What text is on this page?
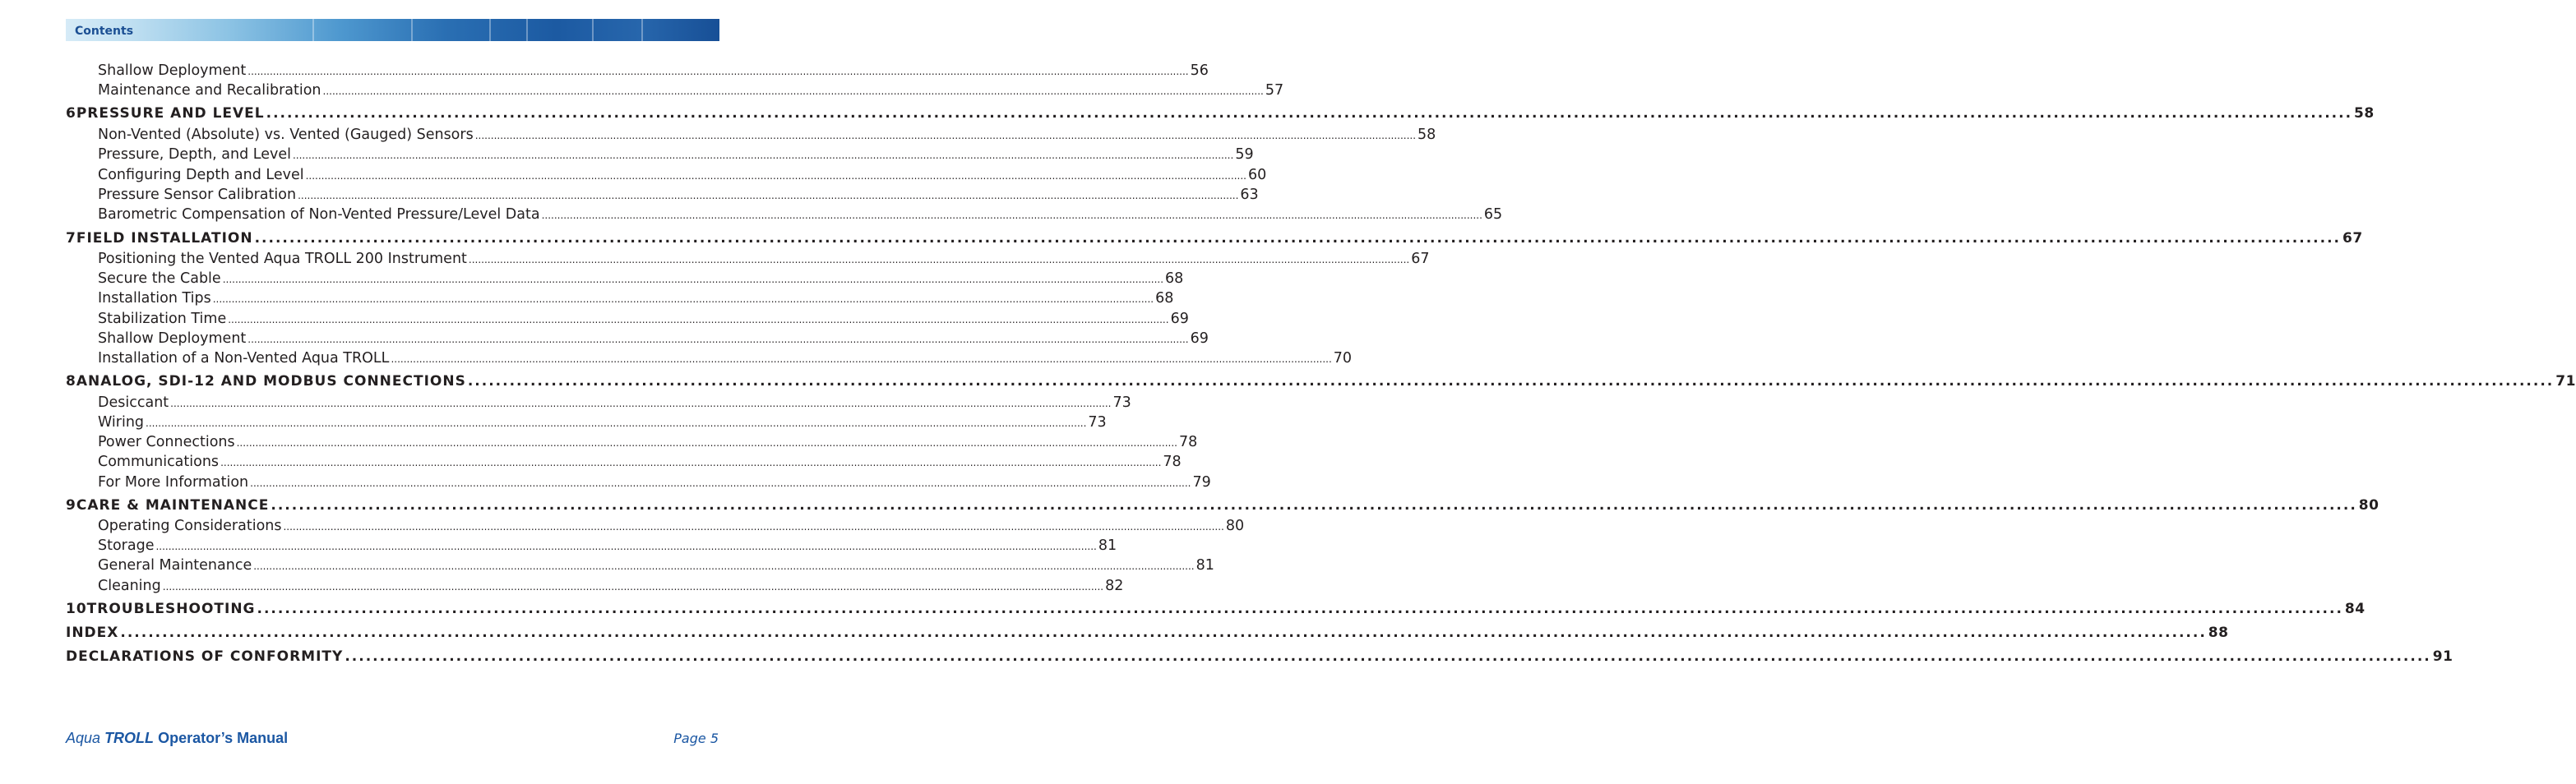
Contents
Shallow Deployment ............................................................................................................................................................................................................................................................................................................ 56
Maintenance and Recalibration ............................................................................................................................................................................................................................................................................................................ 57
6 PRESSURE AND LEVEL ............................................................................................................................................................................................................................................................................................................ 58
Non-Vented (Absolute) vs. Vented (Gauged) Sensors ............................................................................................................................................................................................................................................................................................................ 58
Pressure, Depth, and Level ............................................................................................................................................................................................................................................................................................................ 59
Configuring Depth and Level ............................................................................................................................................................................................................................................................................................................ 60
Pressure Sensor Calibration ............................................................................................................................................................................................................................................................................................................ 63
Barometric Compensation of Non-Vented Pressure/Level Data ............................................................................................................................................................................................................................................................................................................ 65
7 FIELD INSTALLATION ............................................................................................................................................................................................................................................................................................................ 67
Positioning the Vented Aqua TROLL 200 Instrument ............................................................................................................................................................................................................................................................................................................ 67
Secure the Cable ............................................................................................................................................................................................................................................................................................................ 68
Installation Tips ............................................................................................................................................................................................................................................................................................................ 68
Stabilization Time ............................................................................................................................................................................................................................................................................................................ 69
Shallow Deployment ............................................................................................................................................................................................................................................................................................................ 69
Installation of a Non-Vented Aqua TROLL ............................................................................................................................................................................................................................................................................................................ 70
8 ANALOG, SDI-12 AND MODBUS CONNECTIONS ............................................................................................................................................................................................................................................................................................................ 71
Desiccant ............................................................................................................................................................................................................................................................................................................ 73
Wiring ............................................................................................................................................................................................................................................................................................................ 73
Power Connections ............................................................................................................................................................................................................................................................................................................ 78
Communications ............................................................................................................................................................................................................................................................................................................ 78
For More Information ............................................................................................................................................................................................................................................................................................................ 79
9 CARE & MAINTENANCE ............................................................................................................................................................................................................................................................................................................ 80
Operating Considerations ............................................................................................................................................................................................................................................................................................................ 80
Storage ............................................................................................................................................................................................................................................................................................................ 81
General Maintenance ............................................................................................................................................................................................................................................................................................................ 81
Cleaning ............................................................................................................................................................................................................................................................................................................ 82
10 TROUBLESHOOTING ............................................................................................................................................................................................................................................................................................................ 84
INDEX ............................................................................................................................................................................................................................................................................................................ 88
DECLARATIONS OF CONFORMITY ............................................................................................................................................................................................................................................................................................................ 91
Aqua TROLL Operator’s Manual	Page 5
